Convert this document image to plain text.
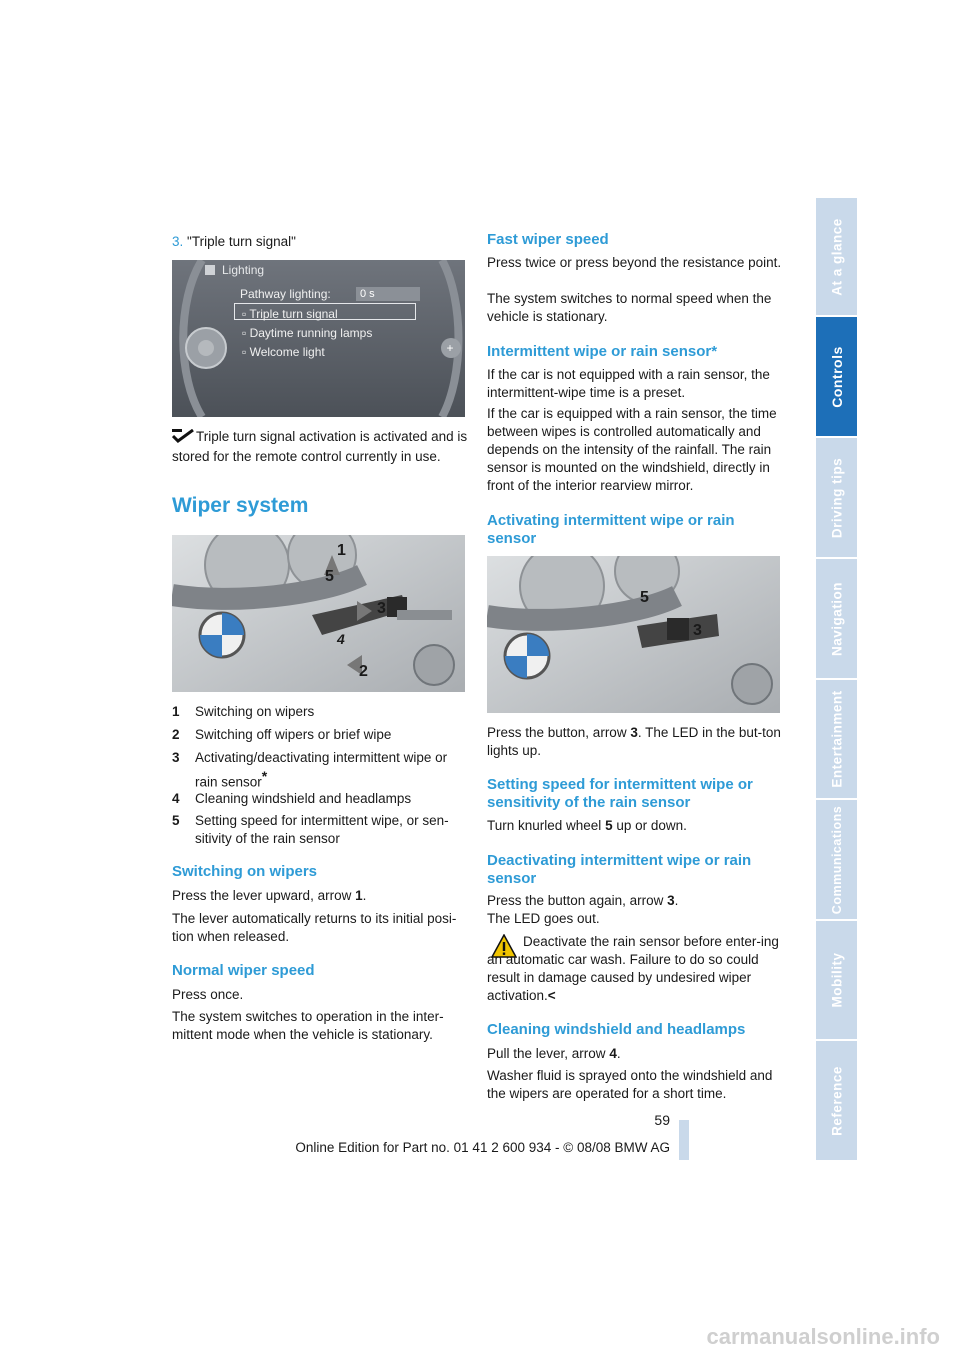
3. "Triple turn signal"
+
Lighting
Pathway lighting:	0 s
▫ Triple turn signal
▫ Daytime running lamps
▫ Welcome light
Triple turn signal activation is activated and is stored for the remote control currently in use.
Wiper system
1
2
3
4
5
1	Switching on wipers
2	Switching off wipers or brief wipe
3	Activating/deactivating intermittent wipe or rain sensor*
4	Cleaning windshield and headlamps
5	Setting speed for intermittent wipe, or sen-sitivity of the rain sensor
Switching on wipers

Press the lever upward, arrow 1.

The lever automatically returns to its initial posi-tion when released.

Normal wiper speed

Press once.

The system switches to operation in the inter-mittent mode when the vehicle is stationary.

Fast wiper speed

Press twice or press beyond the resistance point.

The system switches to normal speed when the vehicle is stationary.

Intermittent wipe or rain sensor*

If the car is not equipped with a rain sensor, the intermittent-wipe time is a preset.

If the car is equipped with a rain sensor, the time between wipes is controlled automatically and depends on the intensity of the rainfall. The rain sensor is mounted on the windshield, directly in front of the interior rearview mirror.

Activating intermittent wipe or rain sensor
5
3

Press the button, arrow 3. The LED in the but-ton lights up.

Setting speed for intermittent wipe or sensitivity of the rain sensor

Turn knurled wheel 5 up or down.

Deactivating intermittent wipe or rain sensor

Press the button again, arrow 3.

The LED goes out.

Deactivate the rain sensor before enter-ing an automatic car wash. Failure to do so could result in damage caused by undesired wiper activation.<

Cleaning windshield and headlamps

Pull the lever, arrow 4.

Washer fluid is sprayed onto the windshield and the wipers are operated for a short time.

At a glance
Controls
Driving tips
Navigation
Entertainment
Communications
Mobility
Reference
59
Online Edition for Part no. 01 41 2 600 934 - © 08/08 BMW AG
carmanualsonline.info
